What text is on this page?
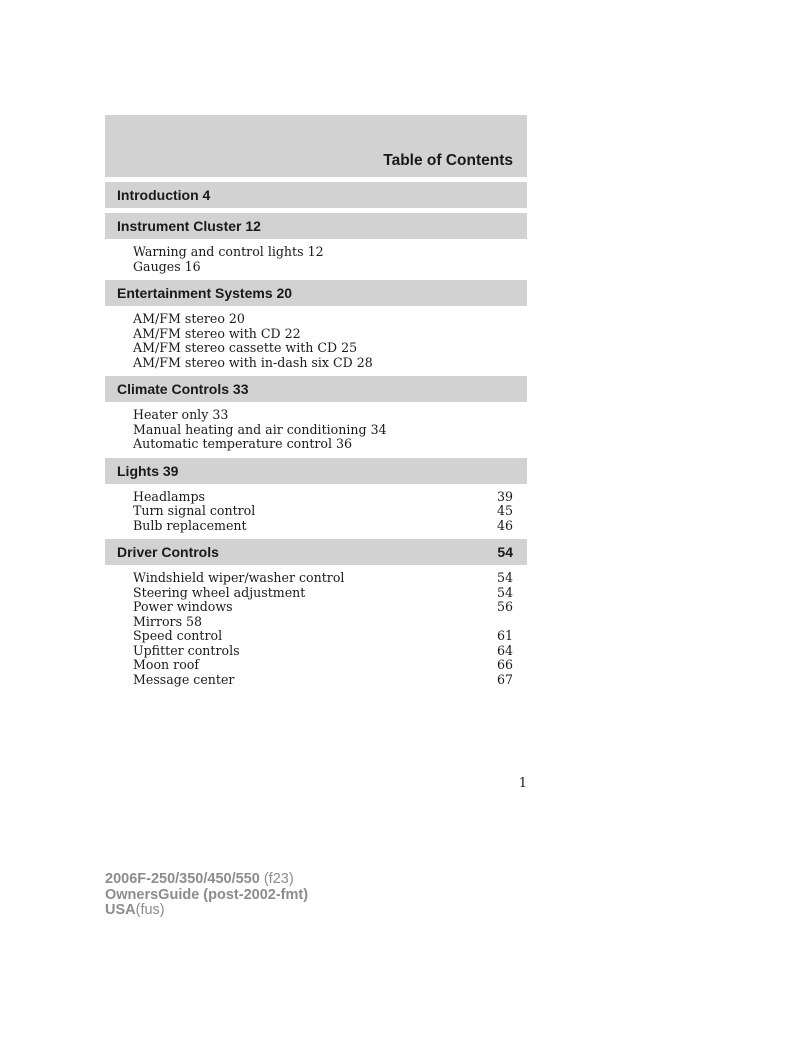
Table of Contents
Introduction 4
Instrument Cluster 12
Warning and control lights 12
Gauges 16
Entertainment Systems 20
AM/FM stereo 20
AM/FM stereo with CD 22
AM/FM stereo cassette with CD 25
AM/FM stereo with in-dash six CD 28
Climate Controls 33
Heater only 33
Manual heating and air conditioning 34
Automatic temperature control 36
Lights 39
Headlamps	39
Turn signal control	45
Bulb replacement	46
Driver Controls	54
Windshield wiper/washer control	54
Steering wheel adjustment	54
Power windows	56
Mirrors 58
Speed control	61
Upfitter controls	64
Moon roof	66
Message center	67
1
2006F-250/350/450/550 (f23)
OwnersGuide (post-2002-fmt)
USA(fus)
